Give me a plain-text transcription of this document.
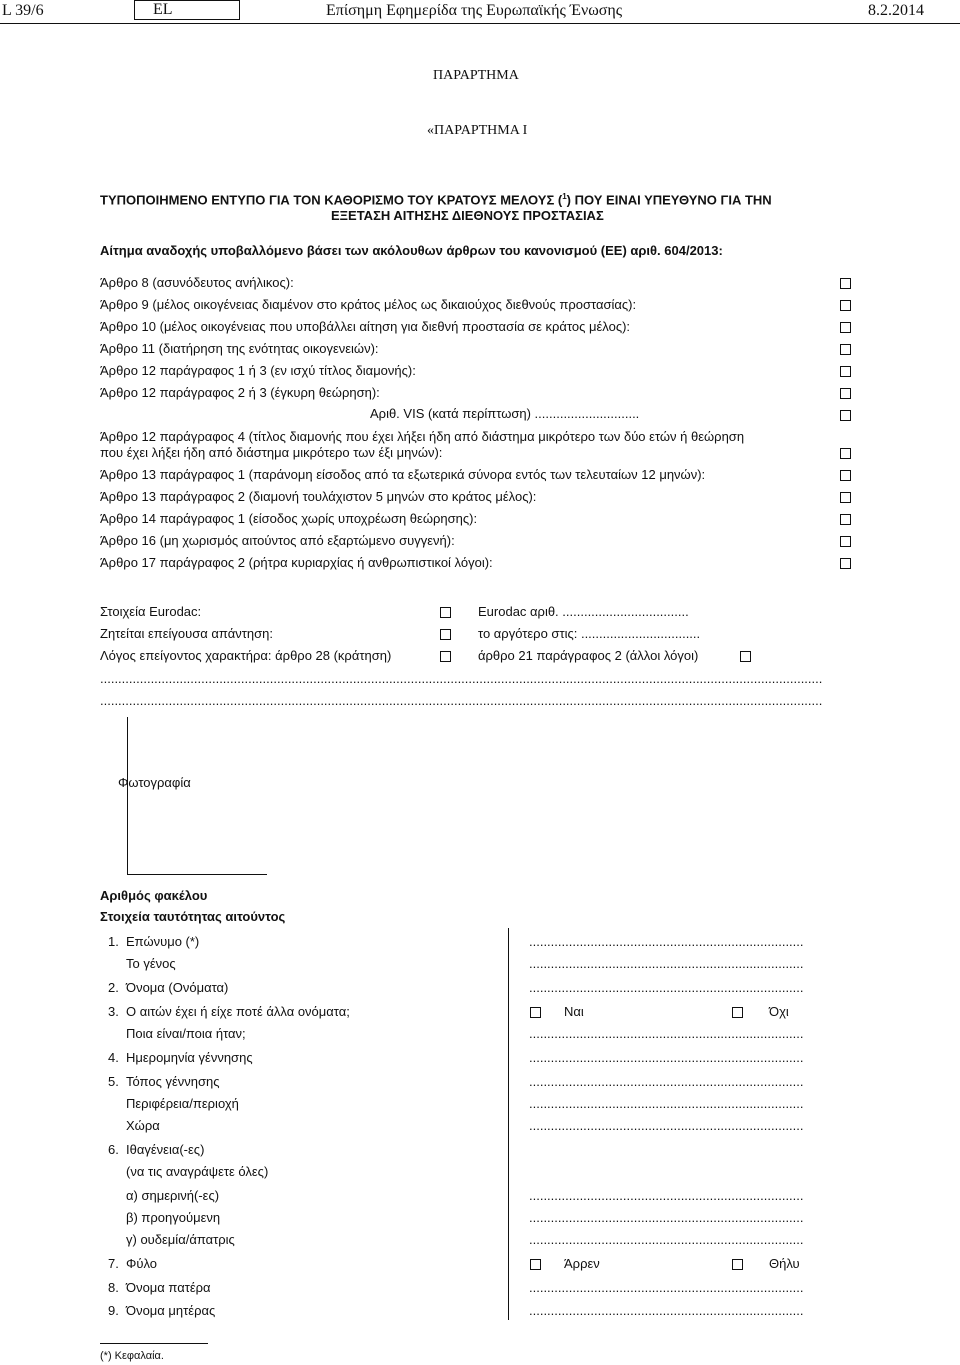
L 39/6	EL	Επίσημη Εφημερίδα της Ευρωπαϊκής Ένωσης	8.2.2014
ΠΑΡΑΡΤΗΜΑ
«ΠΑΡΑΡΤΗΜΑ Ι
ΤΥΠΟΠΟΙΗΜΕΝΟ ΕΝΤΥΠΟ ΓΙΑ ΤΟΝ ΚΑΘΟΡΙΣΜΟ ΤΟΥ ΚΡΑΤΟΥΣ ΜΕΛΟΥΣ ($^1$) ΠΟΥ ΕΙΝΑΙ ΥΠΕΥΘΥΝΟ ΓΙΑ ΤΗΝ
ΕΞΕΤΑΣΗ ΑΙΤΗΣΗΣ ΔΙΕΘΝΟΥΣ ΠΡΟΣΤΑΣΙΑΣ
Αίτημα αναδοχής υποβαλλόμενο βάσει των ακόλουθων άρθρων του κανονισμού (ΕΕ) αριθ. 604/2013:
Άρθρο 8 (ασυνόδευτος ανήλικος):
Άρθρο 9 (μέλος οικογένειας διαμένον στο κράτος μέλος ως δικαιούχος διεθνούς προστασίας):
Άρθρο 10 (μέλος οικογένειας που υποβάλλει αίτηση για διεθνή προστασία σε κράτος μέλος):
Άρθρο 11 (διατήρηση της ενότητας οικογενειών):
Άρθρο 12 παράγραφος 1 ή 3 (εν ισχύ τίτλος διαμονής):
Άρθρο 12 παράγραφος 2 ή 3 (έγκυρη θεώρηση):
Αριθ. VIS (κατά περίπτωση) .............................
Άρθρο 12 παράγραφος 4 (τίτλος διαμονής που έχει λήξει ήδη από διάστημα μικρότερο των δύο ετών ή θεώρηση
που έχει λήξει ήδη από διάστημα μικρότερο των έξι μηνών):
Άρθρο 13 παράγραφος 1 (παράνομη είσοδος από τα εξωτερικά σύνορα εντός των τελευταίων 12 μηνών):
Άρθρο 13 παράγραφος 2 (διαμονή τουλάχιστον 5 μηνών στο κράτος μέλος):
Άρθρο 14 παράγραφος 1 (είσοδος χωρίς υποχρέωση θεώρησης):
Άρθρο 16 (μη χωρισμός αιτούντος από εξαρτώμενο συγγενή):
Άρθρο 17 παράγραφος 2 (ρήτρα κυριαρχίας ή ανθρωπιστικοί λόγοι):
Στοιχεία Eurodac:	Eurodac αριθ. ...................................
Ζητείται επείγουσα απάντηση:	το αργότερο στις: .................................
Λόγος επείγοντος χαρακτήρα: άρθρο 28 (κράτηση)	άρθρο 21 παράγραφος 2 (άλλοι λόγοι)
........................................................................................................................................................................................................
........................................................................................................................................................................................................
Φωτογραφία
Αριθμός φακέλου
Στοιχεία ταυτότητας αιτούντος
1. Επώνυμο (*)	............................................................................
Το γένος	............................................................................
2. Όνομα (Ονόματα)	............................................................................
3. Ο αιτών έχει ή είχε ποτέ άλλα ονόματα;	Ναι	Όχι
Ποια είναι/ποια ήταν;	............................................................................
4. Ημερομηνία γέννησης	............................................................................
5. Τόπος γέννησης	............................................................................
Περιφέρεια/περιοχή	............................................................................
Χώρα	............................................................................
6. Ιθαγένεια(-ες)
(να τις αναγράψετε όλες)
α) σημερινή(-ες)	............................................................................
β) προηγούμενη	............................................................................
γ) ουδεμία/άπατρις	............................................................................
7. Φύλο	Άρρεν	Θήλυ
8. Όνομα πατέρα	............................................................................
9. Όνομα μητέρας	............................................................................
(*) Κεφαλαία.
